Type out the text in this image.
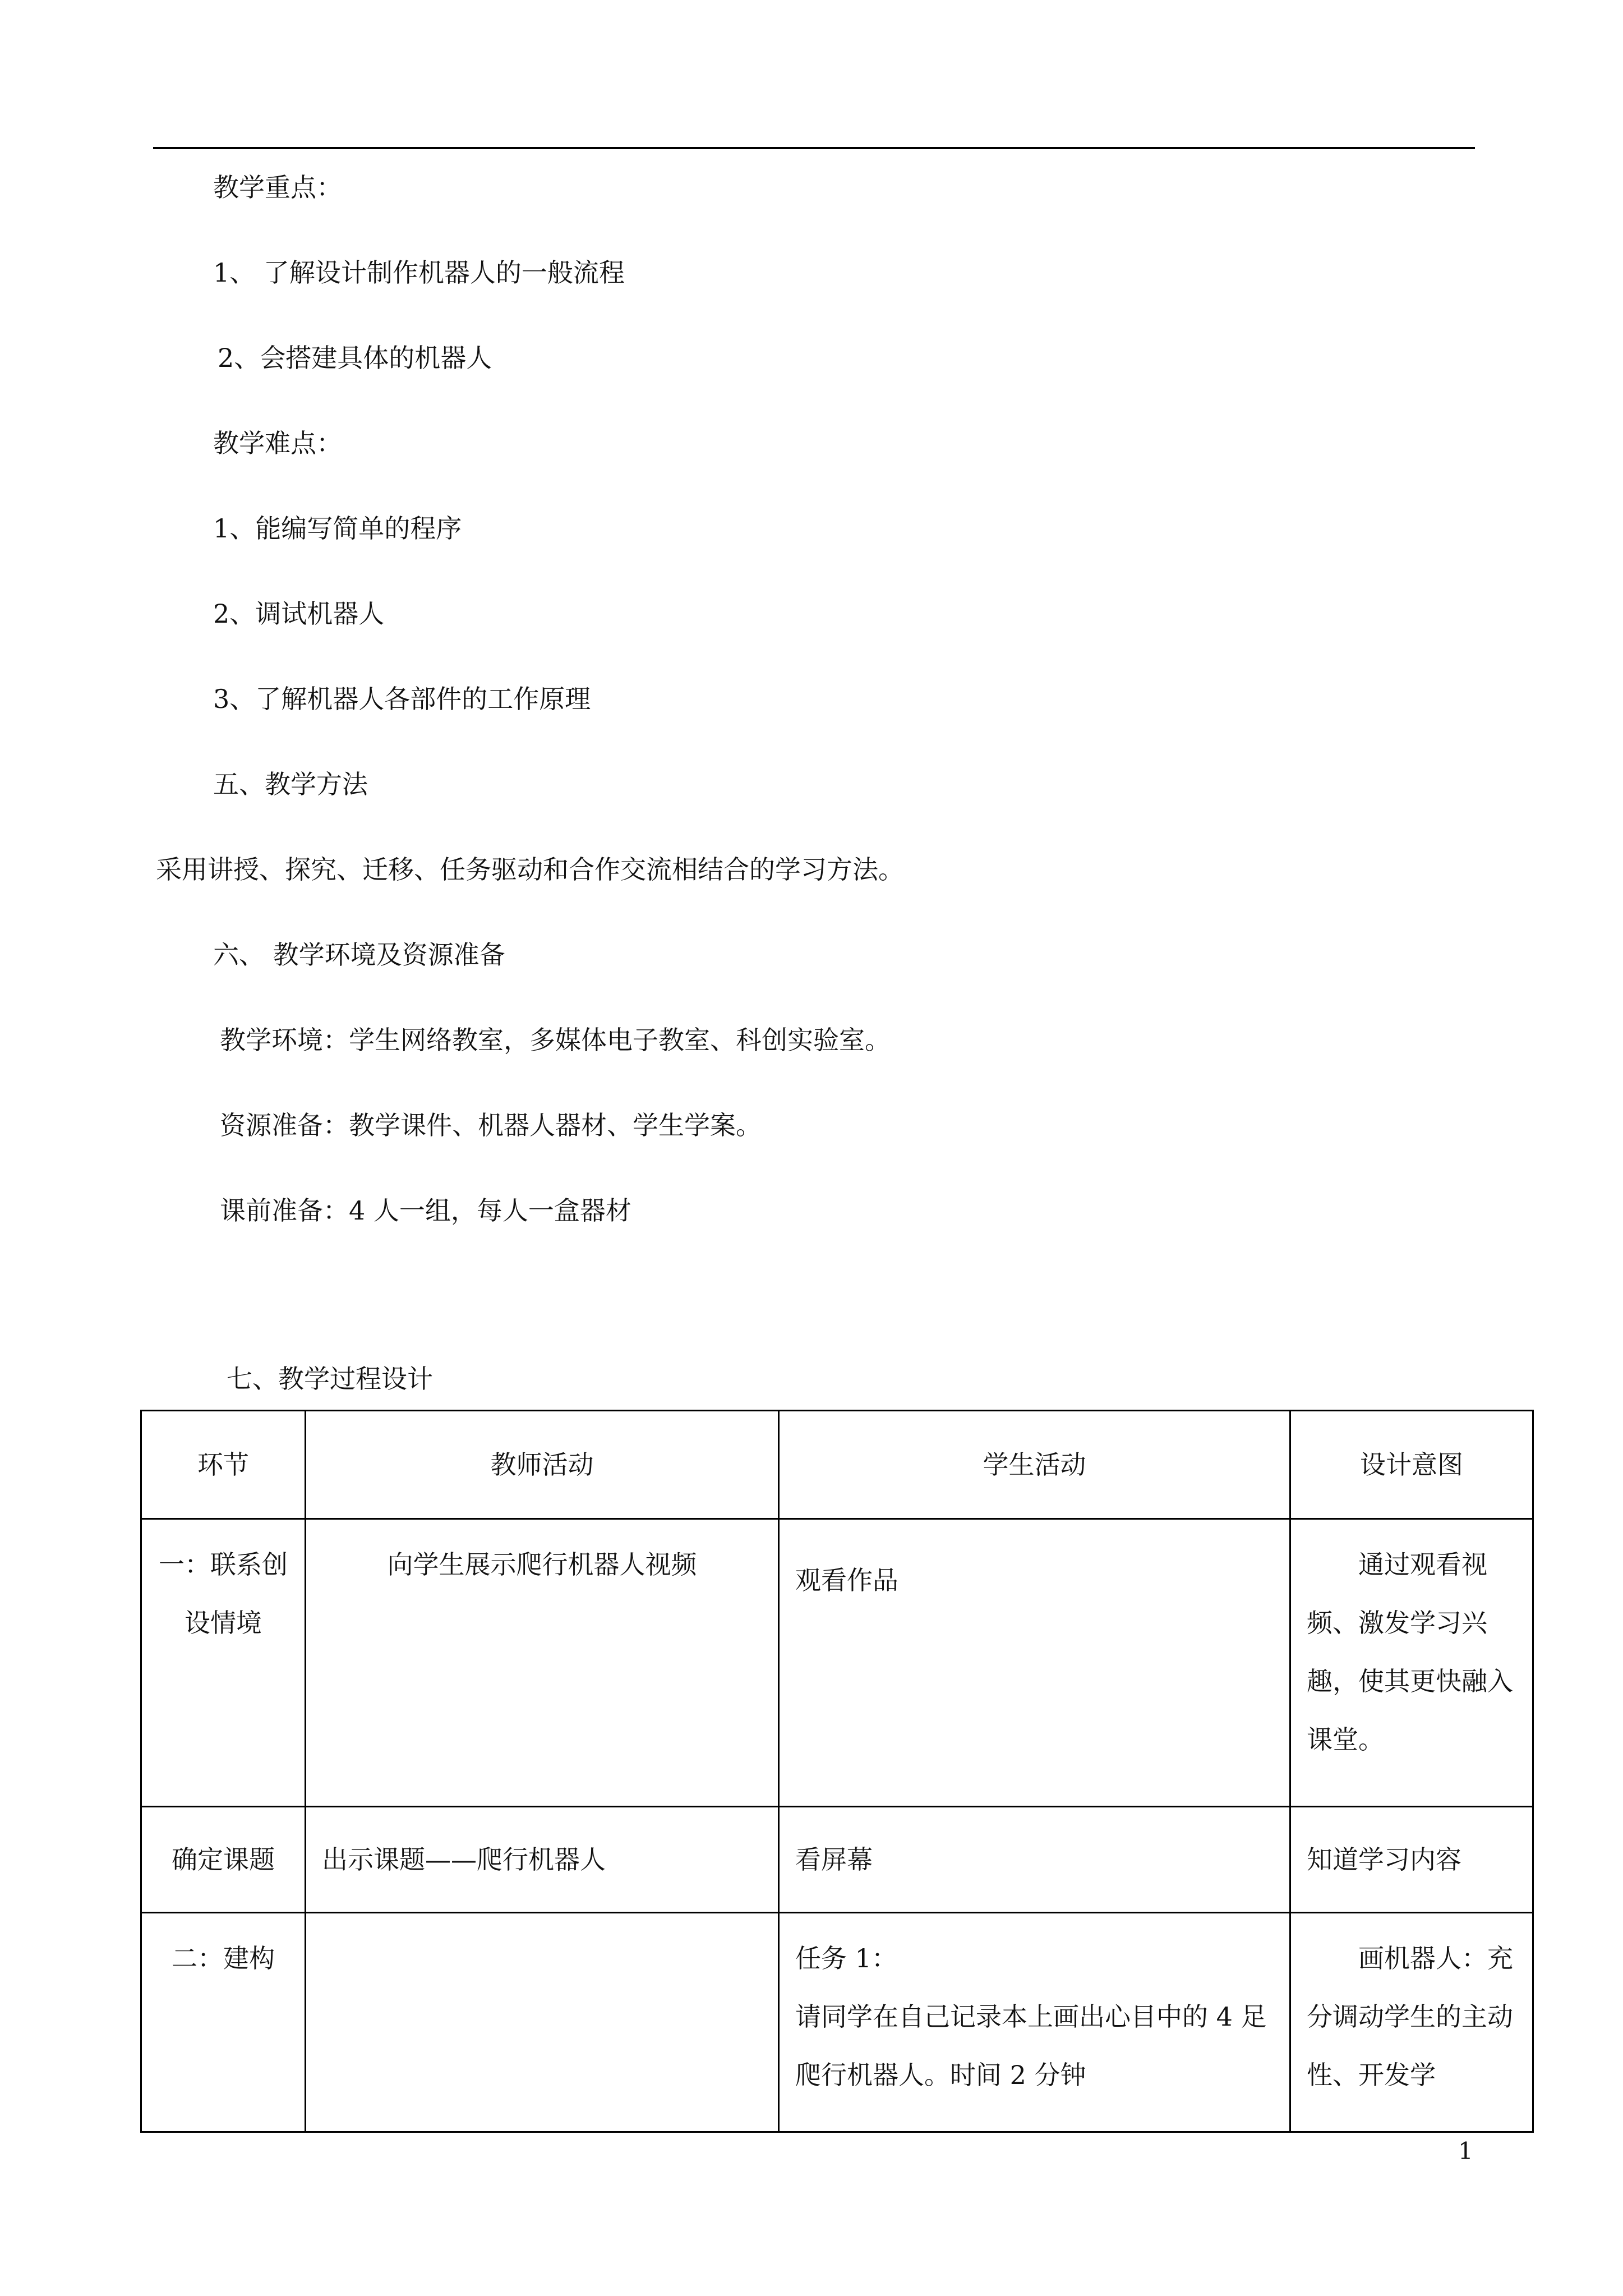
教学重点：
1、 了解设计制作机器人的一般流程
2、会搭建具体的机器人
教学难点：
1、能编写简单的程序
2、调试机器人
3、了解机器人各部件的工作原理
五、教学方法
采用讲授、探究、迁移、任务驱动和合作交流相结合的学习方法。
六、 教学环境及资源准备
教学环境：学生网络教室，多媒体电子教室、科创实验室。
资源准备：教学课件、机器人器材、学生学案。
课前准备：4 人一组，每人一盒器材
七、教学过程设计
环节	教师活动	学生活动	设计意图
一：联系创设情境	向学生展示爬行机器人视频	观看作品	通过观看视频、激发学习兴趣，使其更快融入课堂。
确定课题	出示课题——爬行机器人	看屏幕	知道学习内容
二：建构		任务 1：
请同学在自己记录本上画出心目中的 4 足爬行机器人。时间 2 分钟	画机器人：充分调动学生的主动性、开发学
1
